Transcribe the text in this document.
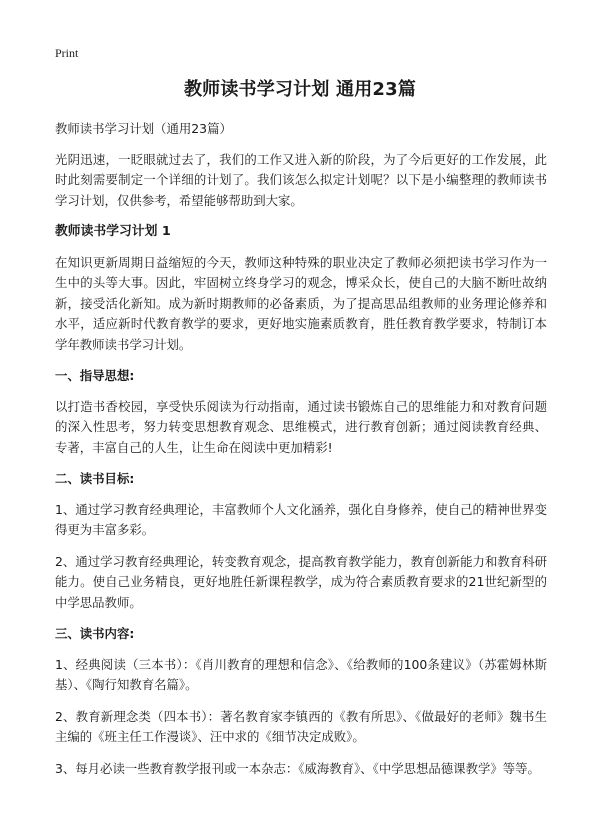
Print
教师读书学习计划 通用23篇

教师读书学习计划（通用23篇）

光阴迅速，一眨眼就过去了，我们的工作又进入新的阶段，为了今后更好的工作发展，此时此刻需要制定一个详细的计划了。我们该怎么拟定计划呢？以下是小编整理的教师读书学习计划，仅供参考，希望能够帮助到大家。

教师读书学习计划 1

在知识更新周期日益缩短的今天，教师这种特殊的职业决定了教师必须把读书学习作为一生中的头等大事。因此，牢固树立终身学习的观念，博采众长，使自己的大脑不断吐故纳新，接受活化新知。成为新时期教师的必备素质，为了提高思品组教师的业务理论修养和水平，适应新时代教育教学的要求，更好地实施素质教育，胜任教育教学要求，特制订本学年教师读书学习计划。

一、指导思想:

以打造书香校园，享受快乐阅读为行动指南，通过读书锻炼自己的思维能力和对教育问题的深入性思考，努力转变思想教育观念、思维模式，进行教育创新；通过阅读教育经典、专著，丰富自己的人生，让生命在阅读中更加精彩!

二、读书目标:

1、通过学习教育经典理论，丰富教师个人文化涵养，强化自身修养，使自己的精神世界变得更为丰富多彩。

2、通过学习教育经典理论，转变教育观念，提高教育教学能力，教育创新能力和教育科研能力。使自己业务精良，更好地胜任新课程教学，成为符合素质教育要求的21世纪新型的中学思品教师。

三、读书内容:

1、经典阅读（三本书）：《肖川教育的理想和信念》、《给教师的100条建议》（苏霍姆林斯基）、《陶行知教育名篇》。

2、教育新理念类（四本书）：著名教育家李镇西的《教有所思》、《做最好的老师》魏书生主编的《班主任工作漫谈》、汪中求的《细节决定成败》。

3、每月必读一些教育教学报刊或一本杂志：《威海教育》、《中学思想品德课教学》等等。
